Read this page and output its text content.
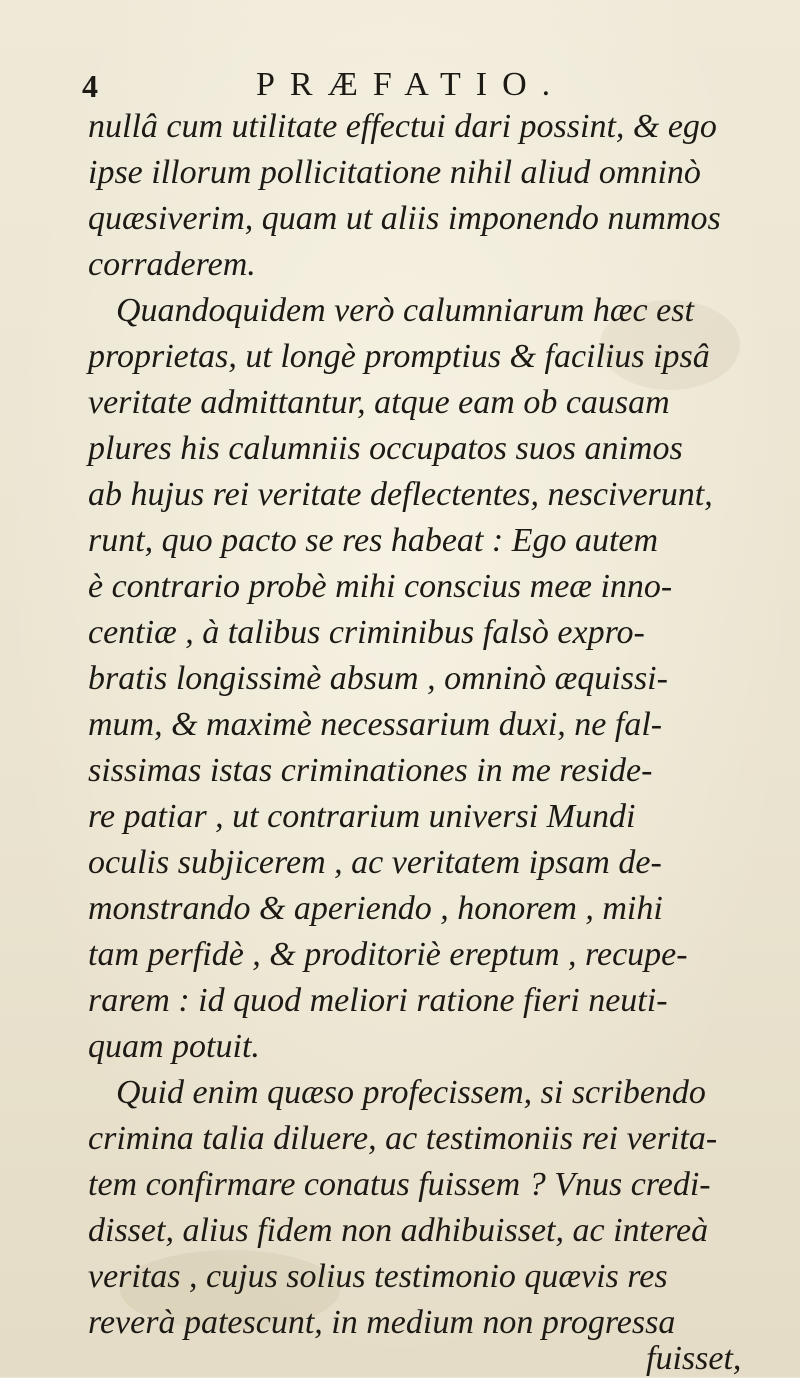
4	PRÆFATIO.
nullâ cum utilitate effectui dari possint, & ego
ipse illorum pollicitatione nihil aliud omninò
quæsiverim, quam ut aliis imponendo nummos
corraderem.
Quandoquidem verò calumniarum hæc est
proprietas, ut longè promptius & facilius ipsâ
veritate admittantur, atque eam ob causam
plures his calumniis occupatos suos animos
ab hujus rei veritate deflectentes, nesciverunt,
runt, quo pacto se res habeat : Ego autem
è contrario probè mihi conscius meæ inno-
centiæ , à talibus criminibus falsò expro-
bratis longissimè absum , omninò æquissi-
mum, & maximè necessarium duxi, ne fal-
sissimas istas criminationes in me reside-
re patiar , ut contrarium universi Mundi
oculis subjicerem , ac veritatem ipsam de-
monstrando & aperiendo , honorem , mihi
tam perfidè , & proditoriè ereptum , recupe-
rarem : id quod meliori ratione fieri neuti-
quam potuit.
Quid enim quæso profecissem, si scribendo
crimina talia diluere, ac testimoniis rei verita-
tem confirmare conatus fuissem ? Vnus credi-
disset, alius fidem non adhibuisset, ac intereà
veritas , cujus solius testimonio quævis res
reverà patescunt, in medium non progressa
fuisset,
